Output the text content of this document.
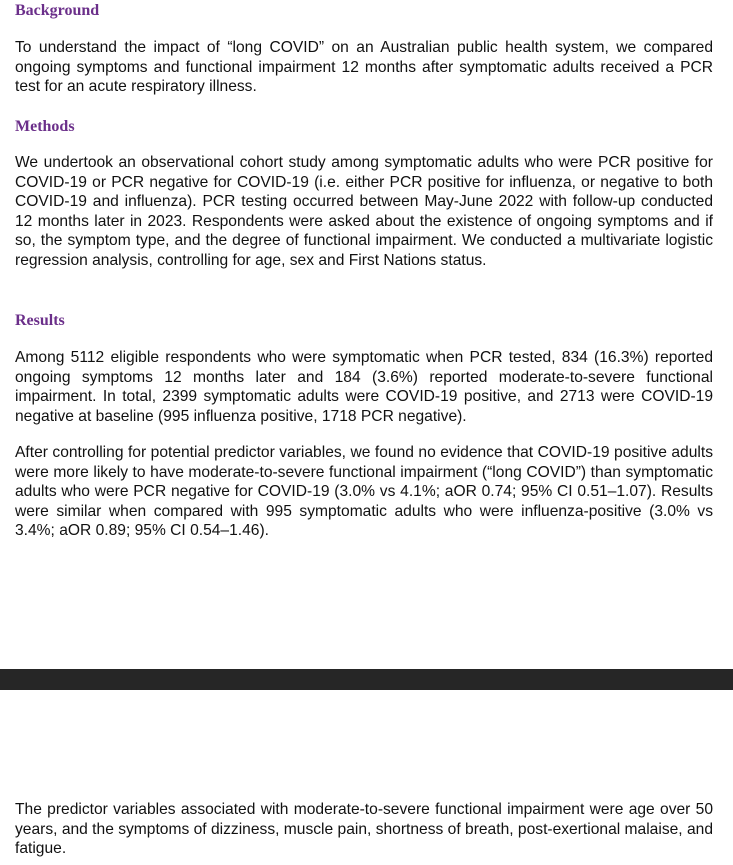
Background

To understand the impact of “long COVID” on an Australian public health system, we compared ongoing symptoms and functional impairment 12 months after symptomatic adults received a PCR test for an acute respiratory illness.

Methods

We undertook an observational cohort study among symptomatic adults who were PCR positive for COVID-19 or PCR negative for COVID-19 (i.e. either PCR positive for influenza, or negative to both COVID-19 and influenza). PCR testing occurred between May-June 2022 with follow-up conducted 12 months later in 2023. Respondents were asked about the existence of ongoing symptoms and if so, the symptom type, and the degree of functional impairment. We conducted a multivariate logistic regression analysis, controlling for age, sex and First Nations status.

Results

Among 5112 eligible respondents who were symptomatic when PCR tested, 834 (16.3%) reported ongoing symptoms 12 months later and 184 (3.6%) reported moderate-to-severe functional impairment. In total, 2399 symptomatic adults were COVID-19 positive, and 2713 were COVID-19 negative at baseline (995 influenza positive, 1718 PCR negative).

After controlling for potential predictor variables, we found no evidence that COVID-19 positive adults were more likely to have moderate-to-severe functional impairment (“long COVID”) than symptomatic adults who were PCR negative for COVID-19 (3.0% vs 4.1%; aOR 0.74; 95% CI 0.51–1.07). Results were similar when compared with 995 symptomatic adults who were influenza-positive (3.0% vs 3.4%; aOR 0.89; 95% CI 0.54–1.46).

The predictor variables associated with moderate-to-severe functional impairment were age over 50 years, and the symptoms of dizziness, muscle pain, shortness of breath, post-exertional malaise, and fatigue.
